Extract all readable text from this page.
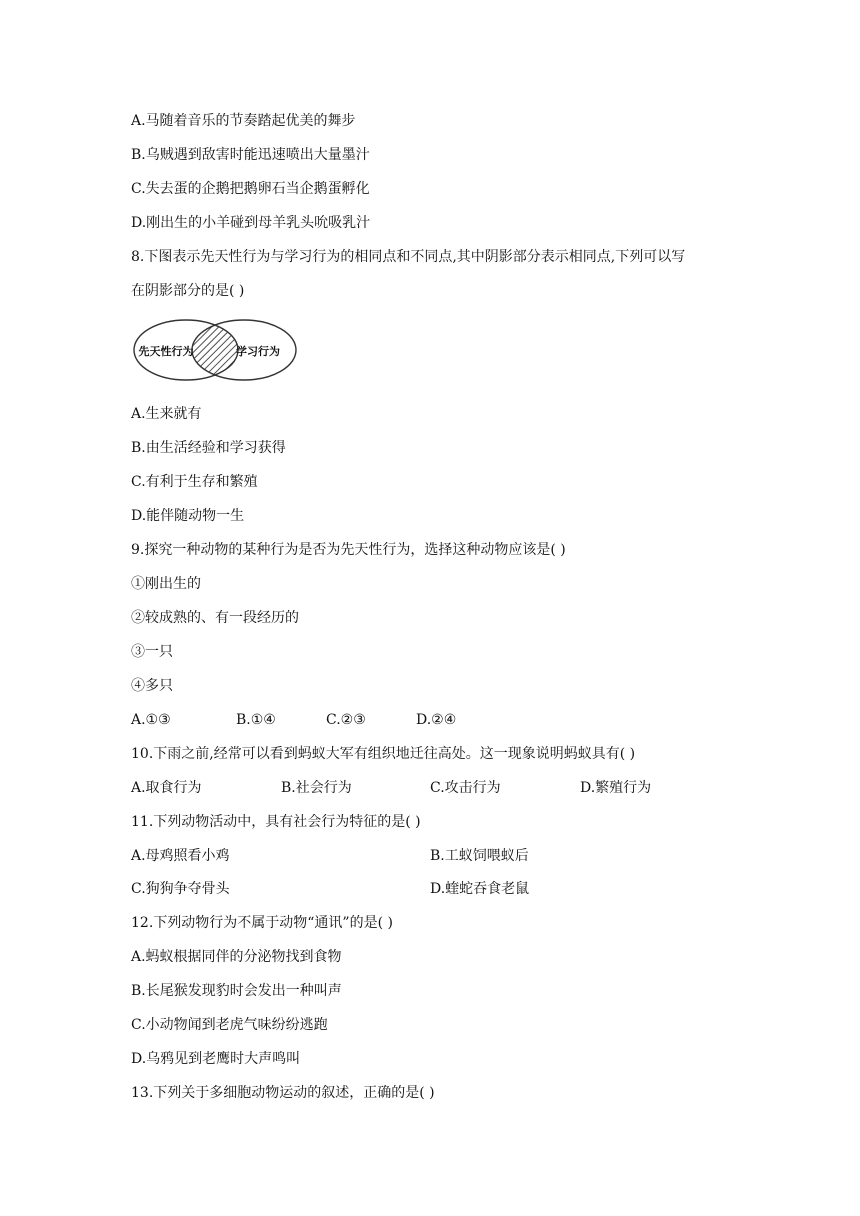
A.马随着音乐的节奏踏起优美的舞步
B.乌贼遇到敌害时能迅速喷出大量墨汁
C.失去蛋的企鹅把鹅卵石当企鹅蛋孵化
D.刚出生的小羊碰到母羊乳头吮吸乳汁
8.下图表示先天性行为与学习行为的相同点和不同点,其中阴影部分表示相同点,下列可以写
在阴影部分的是( )
先天性行为	学习行为
A.生来就有
B.由生活经验和学习获得
C.有利于生存和繁殖
D.能伴随动物一生
9.探究一种动物的某种行为是否为先天性行为，选择这种动物应该是( )
①刚出生的
②较成熟的、有一段经历的
③一只
④多只
A.①③	B.①④	C.②③	D.②④
10.下雨之前,经常可以看到蚂蚁大军有组织地迁往高处。这一现象说明蚂蚁具有( )
A.取食行为	B.社会行为	C.攻击行为	D.繁殖行为
11.下列动物活动中，具有社会行为特征的是( )
A.母鸡照看小鸡	B.工蚁饲喂蚁后
C.狗狗争夺骨头	D.蝰蛇吞食老鼠
12.下列动物行为不属于动物“通讯”的是( )
A.蚂蚁根据同伴的分泌物找到食物
B.长尾猴发现豹时会发出一种叫声
C.小动物闻到老虎气味纷纷逃跑
D.乌鸦见到老鹰时大声鸣叫
13.下列关于多细胞动物运动的叙述，正确的是( )
